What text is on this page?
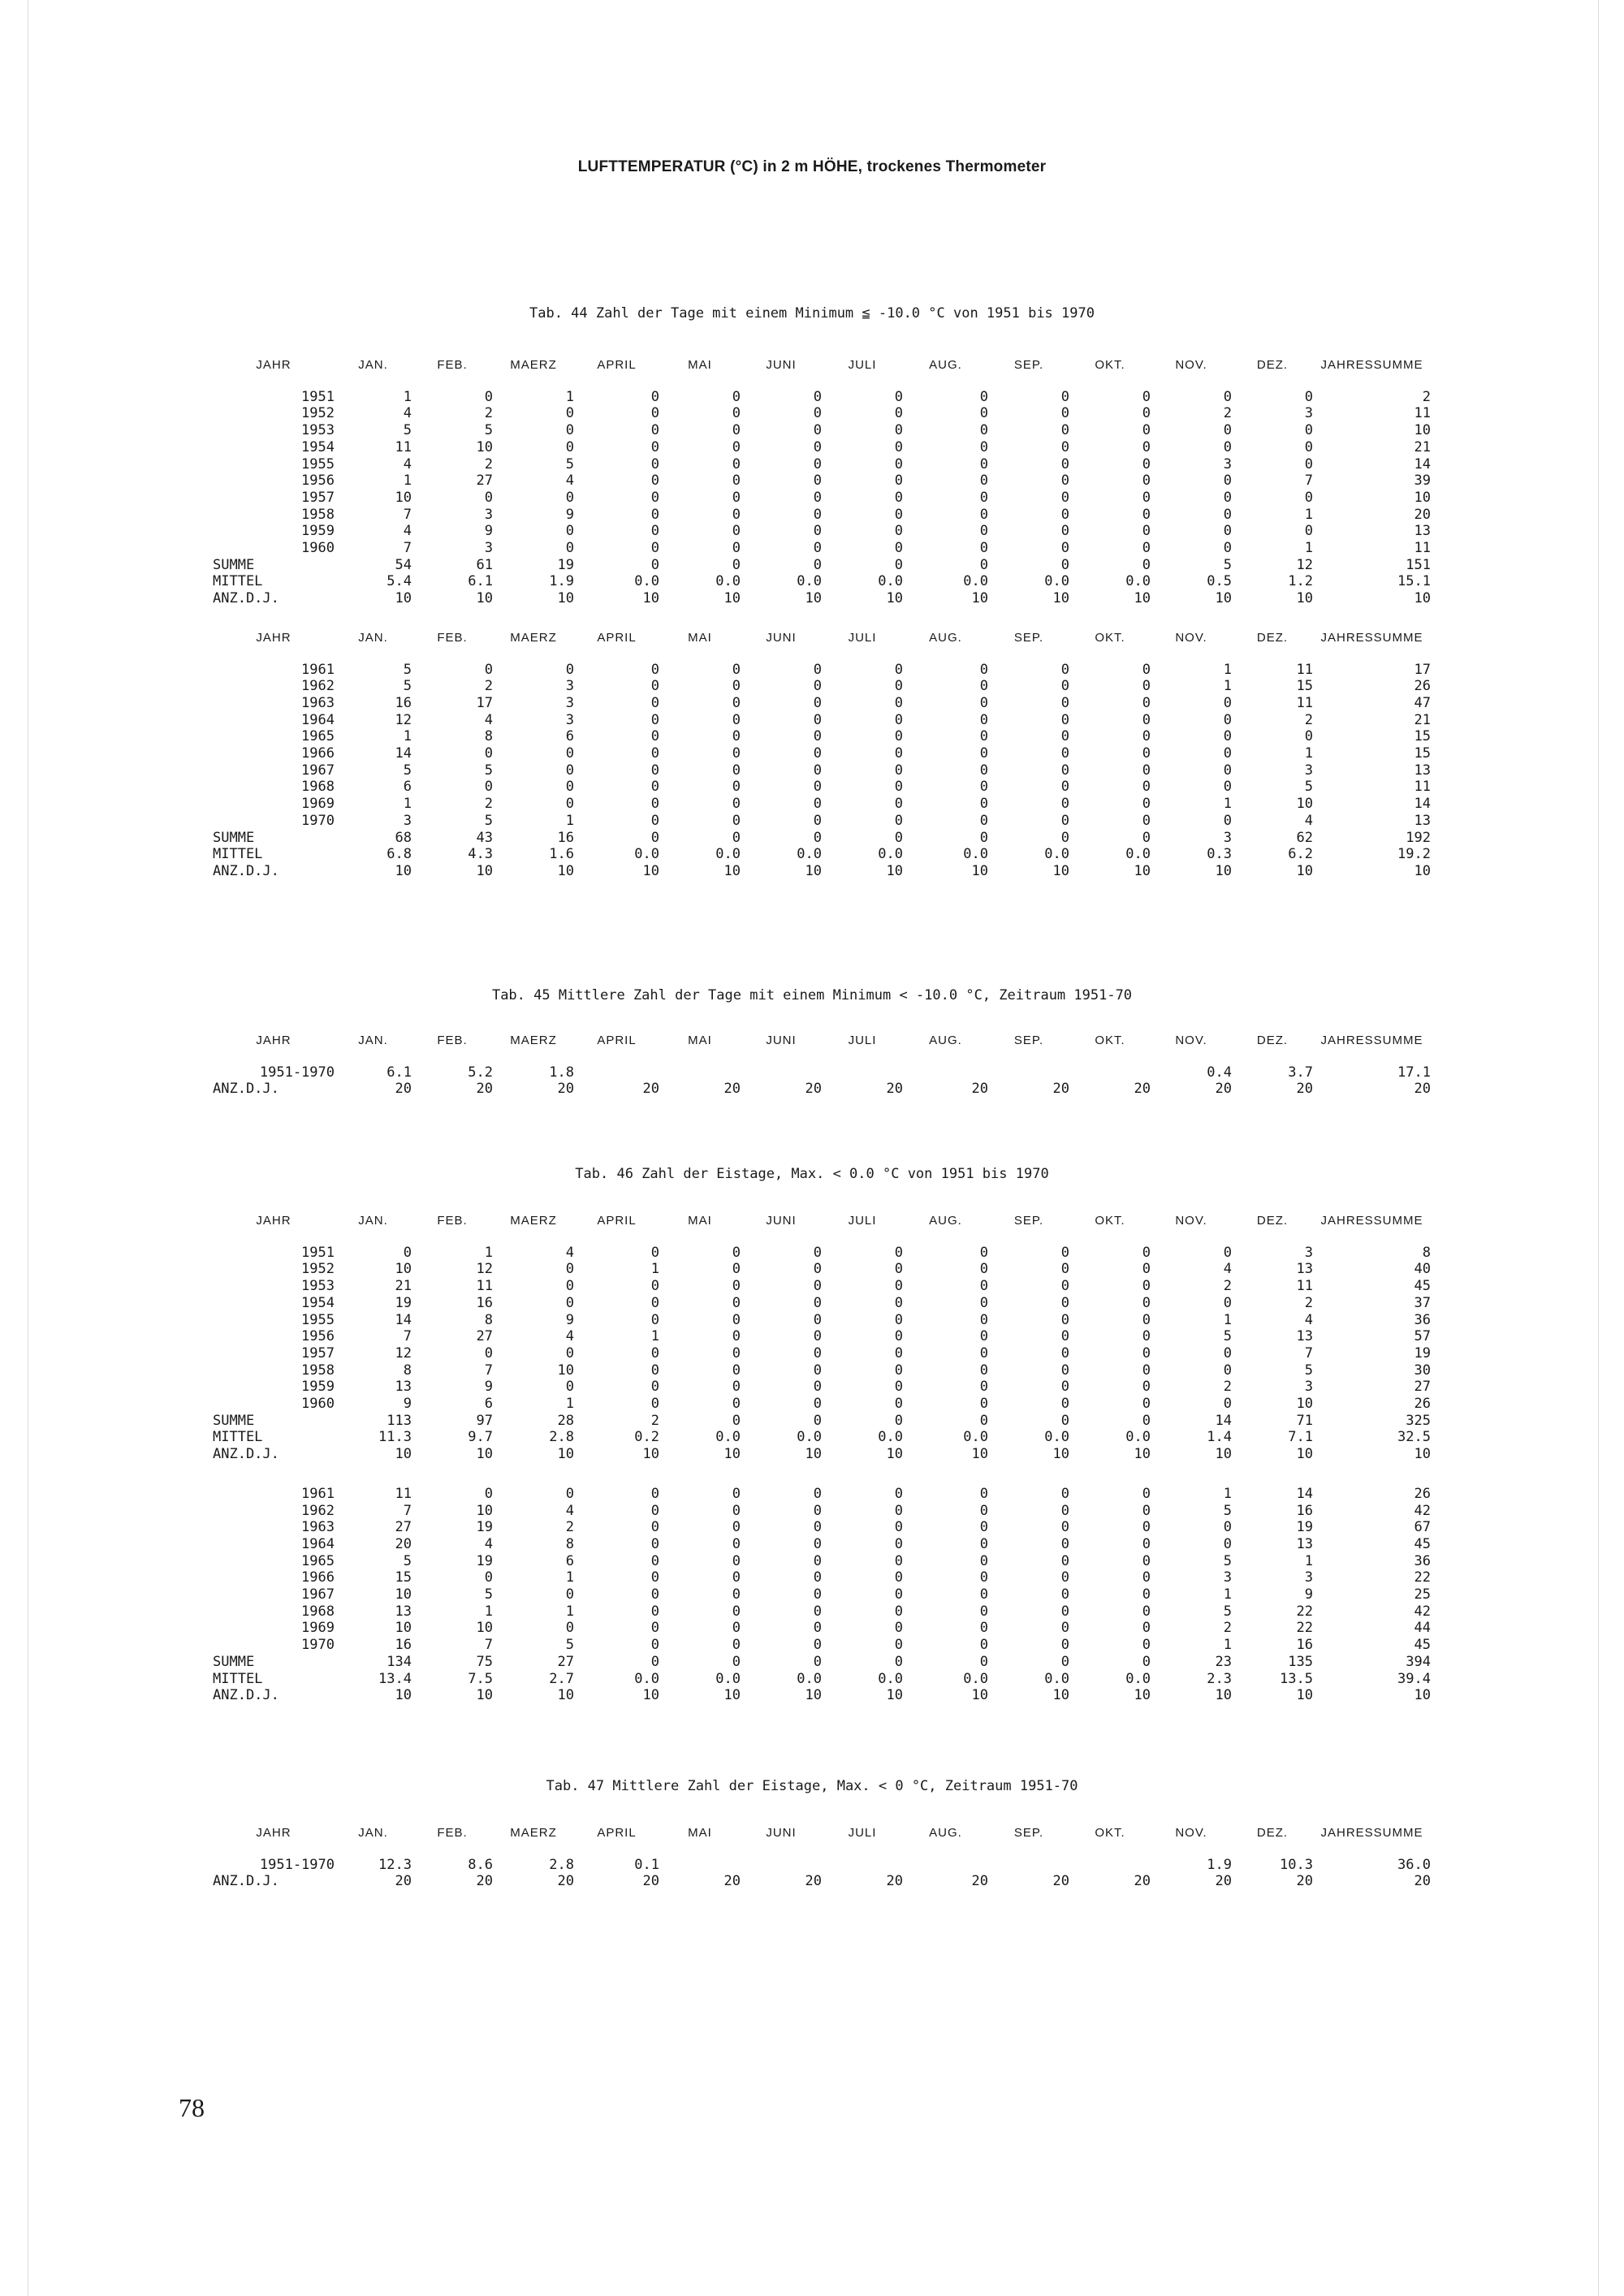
LUFTTEMPERATUR (°C) in 2 m HÖHE, trockenes Thermometer
Tab. 44 Zahl der Tage mit einem Minimum ≦ -10.0 °C von 1951 bis 1970
JAHR	JAN.	FEB.	MAERZ	APRIL	MAI	JUNI	JULI	AUG.	SEP.	OKT.	NOV.	DEZ.	JAHRESSUMME

1951	1	0	1	0	0	0	0	0	0	0	0	0	2
1952	4	2	0	0	0	0	0	0	0	0	2	3	11
1953	5	5	0	0	0	0	0	0	0	0	0	0	10
1954	11	10	0	0	0	0	0	0	0	0	0	0	21
1955	4	2	5	0	0	0	0	0	0	0	3	0	14
1956	1	27	4	0	0	0	0	0	0	0	0	7	39
1957	10	0	0	0	0	0	0	0	0	0	0	0	10
1958	7	3	9	0	0	0	0	0	0	0	0	1	20
1959	4	9	0	0	0	0	0	0	0	0	0	0	13
1960	7	3	0	0	0	0	0	0	0	0	0	1	11
SUMME	54	61	19	0	0	0	0	0	0	0	5	12	151
MITTEL	5.4	6.1	1.9	0.0	0.0	0.0	0.0	0.0	0.0	0.0	0.5	1.2	15.1
ANZ.D.J.	10	10	10	10	10	10	10	10	10	10	10	10	10

JAHR	JAN.	FEB.	MAERZ	APRIL	MAI	JUNI	JULI	AUG.	SEP.	OKT.	NOV.	DEZ.	JAHRESSUMME

1961	5	0	0	0	0	0	0	0	0	0	1	11	17
1962	5	2	3	0	0	0	0	0	0	0	1	15	26
1963	16	17	3	0	0	0	0	0	0	0	0	11	47
1964	12	4	3	0	0	0	0	0	0	0	0	2	21
1965	1	8	6	0	0	0	0	0	0	0	0	0	15
1966	14	0	0	0	0	0	0	0	0	0	0	1	15
1967	5	5	0	0	0	0	0	0	0	0	0	3	13
1968	6	0	0	0	0	0	0	0	0	0	0	5	11
1969	1	2	0	0	0	0	0	0	0	0	1	10	14
1970	3	5	1	0	0	0	0	0	0	0	0	4	13
SUMME	68	43	16	0	0	0	0	0	0	0	3	62	192
MITTEL	6.8	4.3	1.6	0.0	0.0	0.0	0.0	0.0	0.0	0.0	0.3	6.2	19.2
ANZ.D.J.	10	10	10	10	10	10	10	10	10	10	10	10	10
Tab. 45 Mittlere Zahl der Tage mit einem Minimum < -10.0 °C, Zeitraum 1951-70
JAHR	JAN.	FEB.	MAERZ	APRIL	MAI	JUNI	JULI	AUG.	SEP.	OKT.	NOV.	DEZ.	JAHRESSUMME

1951-1970	6.1	5.2	1.8								0.4	3.7	17.1
ANZ.D.J.	20	20	20	20	20	20	20	20	20	20	20	20	20
Tab. 46 Zahl der Eistage, Max. < 0.0 °C von 1951 bis 1970
JAHR	JAN.	FEB.	MAERZ	APRIL	MAI	JUNI	JULI	AUG.	SEP.	OKT.	NOV.	DEZ.	JAHRESSUMME

1951	0	1	4	0	0	0	0	0	0	0	0	3	8
1952	10	12	0	1	0	0	0	0	0	0	4	13	40
1953	21	11	0	0	0	0	0	0	0	0	2	11	45
1954	19	16	0	0	0	0	0	0	0	0	0	2	37
1955	14	8	9	0	0	0	0	0	0	0	1	4	36
1956	7	27	4	1	0	0	0	0	0	0	5	13	57
1957	12	0	0	0	0	0	0	0	0	0	0	7	19
1958	8	7	10	0	0	0	0	0	0	0	0	5	30
1959	13	9	0	0	0	0	0	0	0	0	2	3	27
1960	9	6	1	0	0	0	0	0	0	0	0	10	26
SUMME	113	97	28	2	0	0	0	0	0	0	14	71	325
MITTEL	11.3	9.7	2.8	0.2	0.0	0.0	0.0	0.0	0.0	0.0	1.4	7.1	32.5
ANZ.D.J.	10	10	10	10	10	10	10	10	10	10	10	10	10

1961	11	0	0	0	0	0	0	0	0	0	1	14	26
1962	7	10	4	0	0	0	0	0	0	0	5	16	42
1963	27	19	2	0	0	0	0	0	0	0	0	19	67
1964	20	4	8	0	0	0	0	0	0	0	0	13	45
1965	5	19	6	0	0	0	0	0	0	0	5	1	36
1966	15	0	1	0	0	0	0	0	0	0	3	3	22
1967	10	5	0	0	0	0	0	0	0	0	1	9	25
1968	13	1	1	0	0	0	0	0	0	0	5	22	42
1969	10	10	0	0	0	0	0	0	0	0	2	22	44
1970	16	7	5	0	0	0	0	0	0	0	1	16	45
SUMME	134	75	27	0	0	0	0	0	0	0	23	135	394
MITTEL	13.4	7.5	2.7	0.0	0.0	0.0	0.0	0.0	0.0	0.0	2.3	13.5	39.4
ANZ.D.J.	10	10	10	10	10	10	10	10	10	10	10	10	10
Tab. 47 Mittlere Zahl der Eistage, Max. < 0 °C, Zeitraum 1951-70
JAHR	JAN.	FEB.	MAERZ	APRIL	MAI	JUNI	JULI	AUG.	SEP.	OKT.	NOV.	DEZ.	JAHRESSUMME

1951-1970	12.3	8.6	2.8	0.1							1.9	10.3	36.0
ANZ.D.J.	20	20	20	20	20	20	20	20	20	20	20	20	20
78
